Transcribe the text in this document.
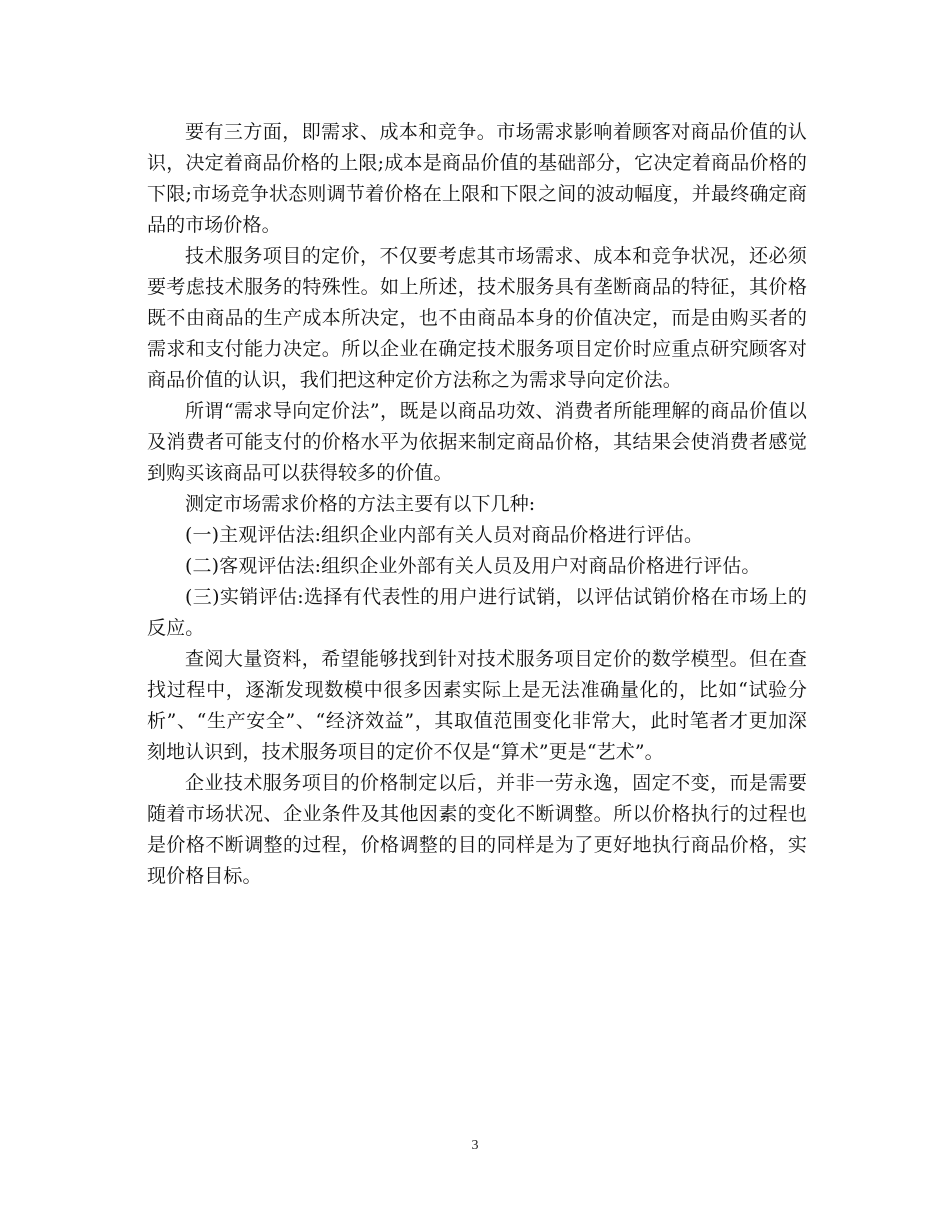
要有三方面，即需求、成本和竞争。市场需求影响着顾客对商品价值的认识，决定着商品价格的上限;成本是商品价值的基础部分，它决定着商品价格的下限;市场竞争状态则调节着价格在上限和下限之间的波动幅度，并最终确定商品的市场价格。

技术服务项目的定价，不仅要考虑其市场需求、成本和竞争状况，还必须要考虑技术服务的特殊性。如上所述，技术服务具有垄断商品的特征，其价格既不由商品的生产成本所决定，也不由商品本身的价值决定，而是由购买者的需求和支付能力决定。所以企业在确定技术服务项目定价时应重点研究顾客对商品价值的认识，我们把这种定价方法称之为需求导向定价法。

所谓“需求导向定价法”，既是以商品功效、消费者所能理解的商品价值以及消费者可能支付的价格水平为依据来制定商品价格，其结果会使消费者感觉到购买该商品可以获得较多的价值。

测定市场需求价格的方法主要有以下几种:

(一)主观评估法:组织企业内部有关人员对商品价格进行评估。

(二)客观评估法:组织企业外部有关人员及用户对商品价格进行评估。

(三)实销评估:选择有代表性的用户进行试销，以评估试销价格在市场上的反应。

查阅大量资料，希望能够找到针对技术服务项目定价的数学模型。但在查找过程中，逐渐发现数模中很多因素实际上是无法准确量化的，比如“试验分析”、“生产安全”、“经济效益”，其取值范围变化非常大，此时笔者才更加深刻地认识到，技术服务项目的定价不仅是“算术”更是“艺术”。

企业技术服务项目的价格制定以后，并非一劳永逸，固定不变，而是需要随着市场状况、企业条件及其他因素的变化不断调整。所以价格执行的过程也是价格不断调整的过程，价格调整的目的同样是为了更好地执行商品价格，实现价格目标。

3
